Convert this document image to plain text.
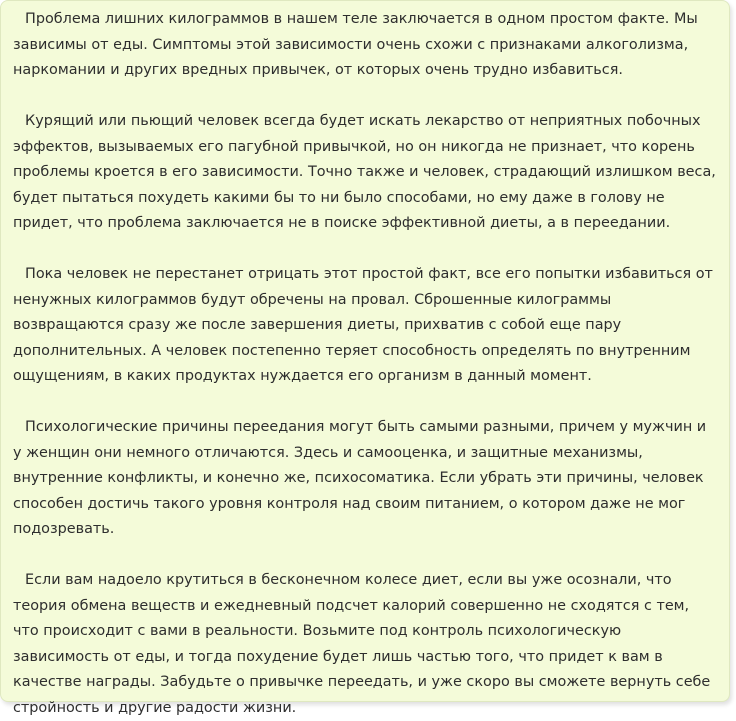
Проблема лишних килограммов в нашем теле заключается в одном простом факте. Мы зависимы от еды. Симптомы этой зависимости очень схожи с признаками алкоголизма, наркомании и других вредных привычек, от которых очень трудно избавиться.

Курящий или пьющий человек всегда будет искать лекарство от неприятных побочных эффектов, вызываемых его пагубной привычкой, но он никогда не признает, что корень проблемы кроется в его зависимости. Точно также и человек, страдающий излишком веса, будет пытаться похудеть какими бы то ни было способами, но ему даже в голову не придет, что проблема заключается не в поиске эффективной диеты, а в переедании.

Пока человек не перестанет отрицать этот простой факт, все его попытки избавиться от ненужных килограммов будут обречены на провал. Сброшенные килограммы возвращаются сразу же после завершения диеты, прихватив с собой еще пару дополнительных. А человек постепенно теряет способность определять по внутренним ощущениям, в каких продуктах нуждается его организм в данный момент.

Психологические причины переедания могут быть самыми разными, причем у мужчин и у женщин они немного отличаются. Здесь и самооценка, и защитные механизмы, внутренние конфликты, и конечно же, психосоматика. Если убрать эти причины, человек способен достичь такого уровня контроля над своим питанием, о котором даже не мог подозревать.

Если вам надоело крутиться в бесконечном колесе диет, если вы уже осознали, что теория обмена веществ и ежедневный подсчет калорий совершенно не сходятся с тем, что происходит с вами в реальности. Возьмите под контроль психологическую зависимость от еды, и тогда похудение будет лишь частью того, что придет к вам в качестве награды. Забудьте о привычке переедать, и уже скоро вы сможете вернуть себе стройность и другие радости жизни.
